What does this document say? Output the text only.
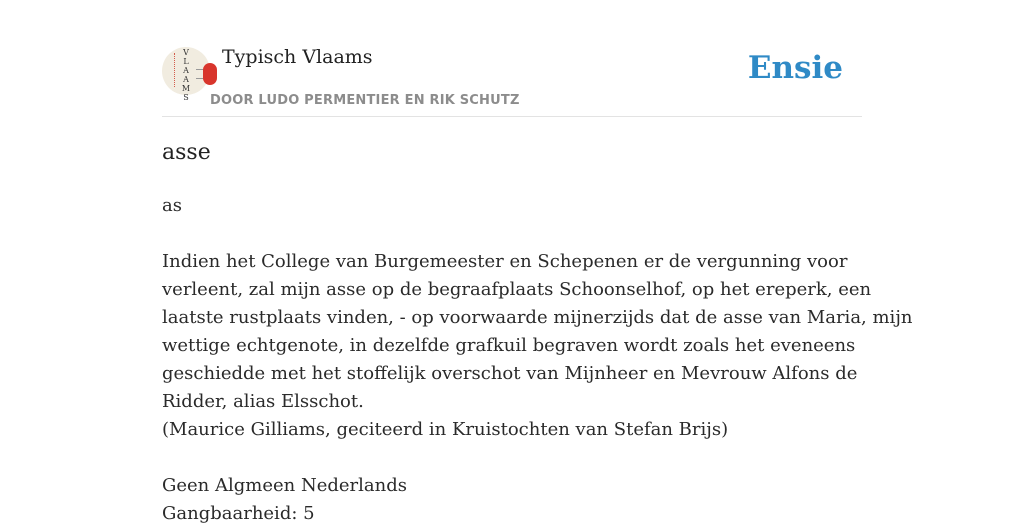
V
L
A
A
M
S
Typisch Vlaams
DOOR LUDO PERMENTIER EN RIK SCHUTZ
Ensie
asse
as
Indien het College van Burgemeester en Schepenen er de vergunning voor
verleent, zal mijn asse op de begraafplaats Schoonselhof, op het ereperk, een
laatste rustplaats vinden, - op voorwaarde mijnerzijds dat de asse van Maria, mijn
wettige echtgenote, in dezelfde grafkuil begraven wordt zoals het eveneens
geschiedde met het stoffelijk overschot van Mijnheer en Mevrouw Alfons de
Ridder, alias Elsschot.
(Maurice Gilliams, geciteerd in Kruistochten van Stefan Brijs)
Geen Algmeen Nederlands
Gangbaarheid: 5
